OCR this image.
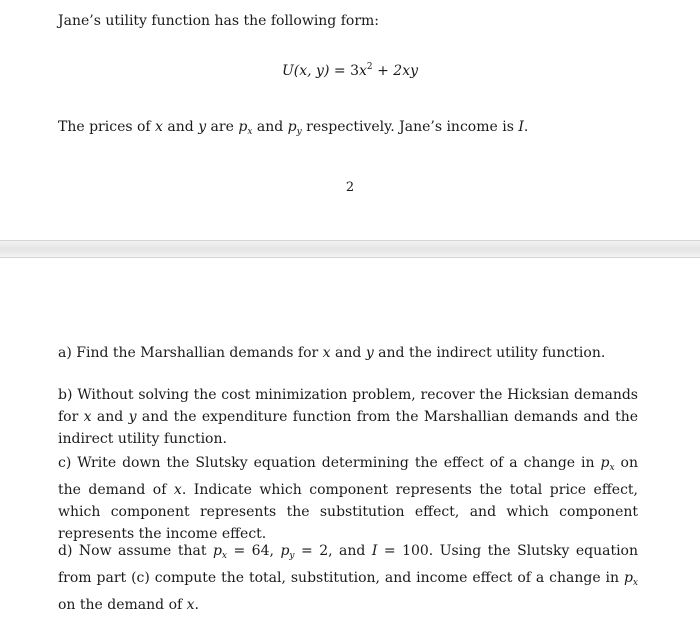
Jane’s utility function has the following form:

U(x, $y) = 3x^2 + 2xy$

The prices of x and y are $p_x$ and $p_y$ respectively. Jane’s income is I.

2

a) Find the Marshallian demands for x and y and the indirect utility function.

b) Without solving the cost minimization problem, recover the Hicksian demands for x and y and the expenditure function from the Marshallian demands and the indirect utility function.

c) Write down the Slutsky equation determining the effect of a change in $p_x$ on the demand of x. Indicate which component represents the total price effect, which component represents the substitution effect, and which component represents the income effect.

d) Now assume that $p_x = 64$, $p_y = 2$, and I = 100. Using the Slutsky equation from part (c) compute the total, substitution, and income effect of a change in $p_x$ on the demand of x.
